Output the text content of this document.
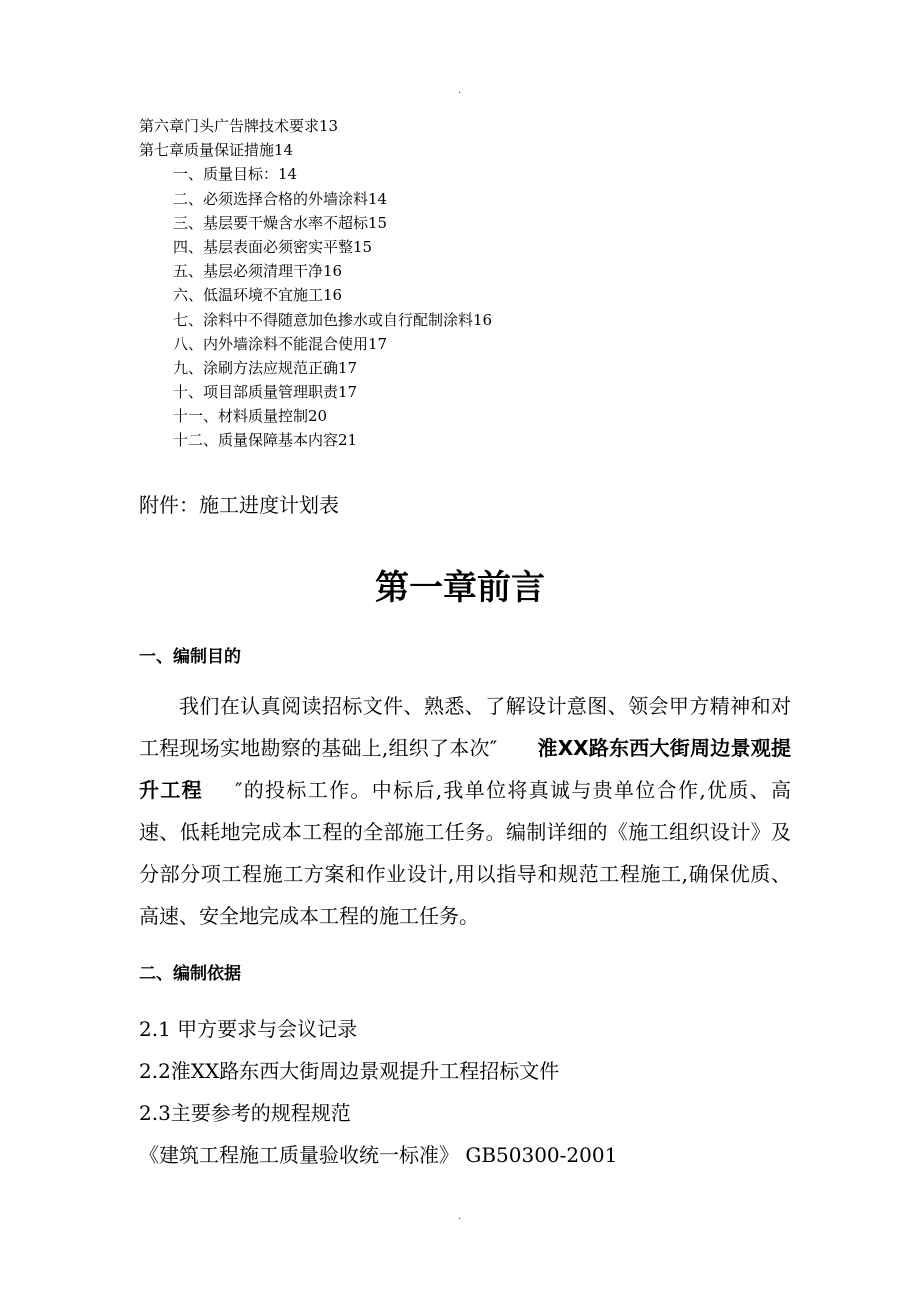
.
第六章门头广告牌技术要求13
第七章质量保证措施14
一、质量目标：14
二、必须选择合格的外墙涂料14
三、基层要干燥含水率不超标15
四、基层表面必须密实平整15
五、基层必须清理干净16
六、低温环境不宜施工16
七、涂料中不得随意加色掺水或自行配制涂料16
八、内外墙涂料不能混合使用17
九、涂刷方法应规范正确17
十、项目部质量管理职责17
十一、材料质量控制20
十二、质量保障基本内容21
附件：施工进度计划表
第一章前言
一、编制目的
我们在认真阅读招标文件、熟悉、了解设计意图、领会甲方精神和对工程现场实地勘察的基础上,组织了本次″ 淮XX路东西大街周边景观提升工程 ″的投标工作。中标后,我单位将真诚与贵单位合作,优质、高速、低耗地完成本工程的全部施工任务。编制详细的《施工组织设计》及分部分项工程施工方案和作业设计,用以指导和规范工程施工,确保优质、高速、安全地完成本工程的施工任务。
二、编制依据
2.1 甲方要求与会议记录
2.2淮XX路东西大街周边景观提升工程招标文件
2.3主要参考的规程规范
《建筑工程施工质量验收统一标准》 GB50300-2001
.
